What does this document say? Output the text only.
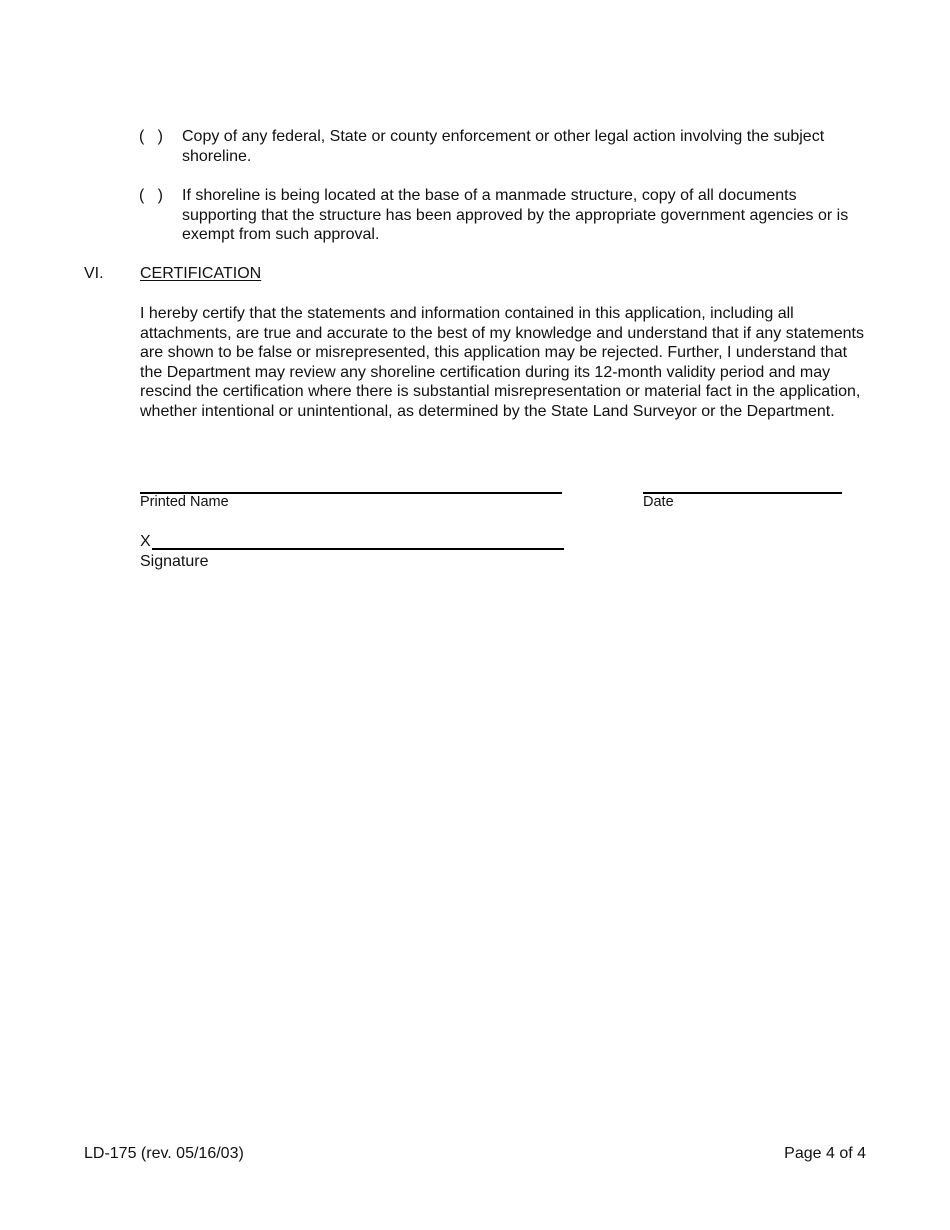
(   )	Copy of any federal, State or county enforcement or other legal action involving the subject shoreline.
(   )	If shoreline is being located at the base of a manmade structure, copy of all documents supporting that the structure has been approved by the appropriate government agencies or is exempt from such approval.
VI. CERTIFICATION
I hereby certify that the statements and information contained in this application, including all attachments, are true and accurate to the best of my knowledge and understand that if any statements are shown to be false or misrepresented, this application may be rejected. Further, I understand that the Department may review any shoreline certification during its 12-month validity period and may rescind the certification where there is substantial misrepresentation or material fact in the application, whether intentional or unintentional, as determined by the State Land Surveyor or the Department.
Printed Name	Date
X
Signature
LD-175 (rev. 05/16/03)	Page 4 of 4
